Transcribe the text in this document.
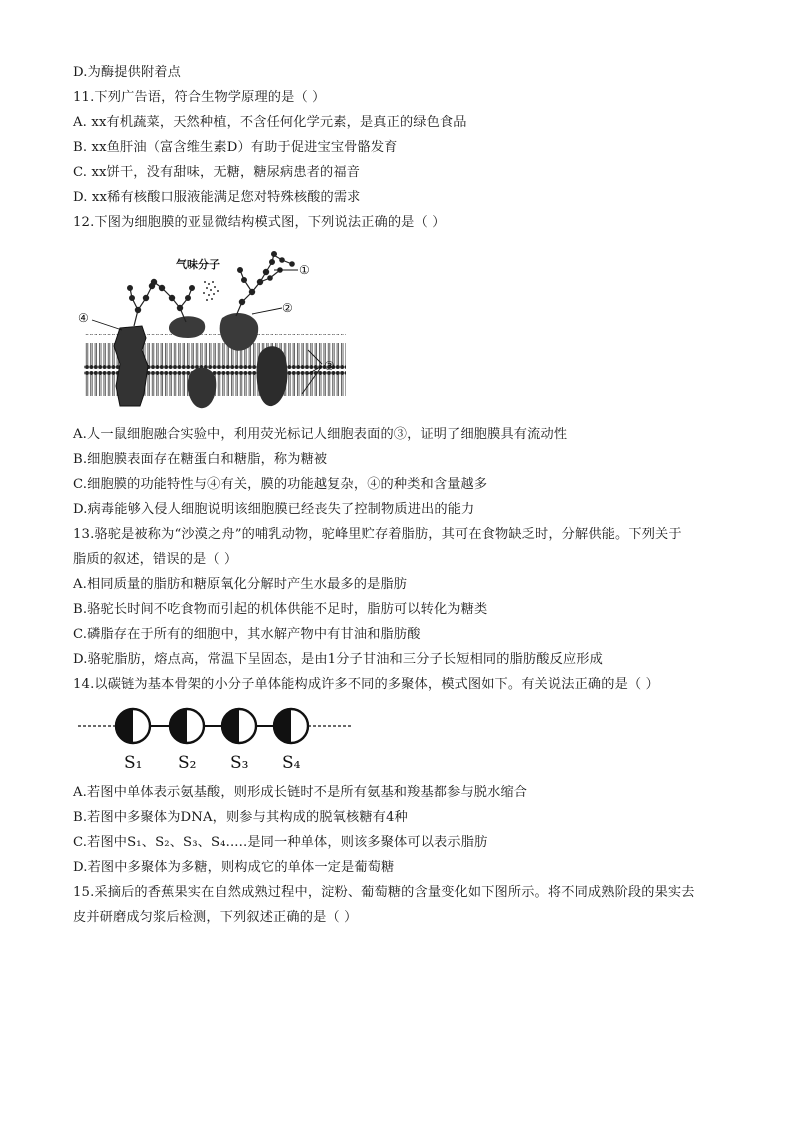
D.为酶提供附着点
11.下列广告语，符合生物学原理的是（ ）
A. xx有机蔬菜，天然种植，不含任何化学元素，是真正的绿色食品
B. xx鱼肝油（富含维生素D）有助于促进宝宝骨骼发育
C. xx饼干，没有甜味，无糖，糖尿病患者的福音
D. xx稀有核酸口服液能满足您对特殊核酸的需求
12.下图为细胞膜的亚显微结构模式图，下列说法正确的是（ ）
气味分子	①
②
③
④
A.人一鼠细胞融合实验中，利用荧光标记人细胞表面的③，证明了细胞膜具有流动性
B.细胞膜表面存在糖蛋白和糖脂，称为糖被
C.细胞膜的功能特性与④有关，膜的功能越复杂，④的种类和含量越多
D.病毒能够入侵人细胞说明该细胞膜已经丧失了控制物质进出的能力
13.骆驼是被称为“沙漠之舟”的哺乳动物，驼峰里贮存着脂肪，其可在食物缺乏时，分解供能。下列关于
脂质的叙述，错误的是（ ）
A.相同质量的脂肪和糖原氧化分解时产生水最多的是脂肪
B.骆驼长时间不吃食物而引起的机体供能不足时，脂肪可以转化为糖类
C.磷脂存在于所有的细胞中，其水解产物中有甘油和脂肪酸
D.骆驼脂肪，熔点高，常温下呈固态，是由1分子甘油和三分子长短相同的脂肪酸反应形成
14.以碳链为基本骨架的小分子单体能构成许多不同的多聚体，模式图如下。有关说法正确的是（ ）
S₁ S₂ S₃ S₄
A.若图中单体表示氨基酸，则形成长链时不是所有氨基和羧基都参与脱水缩合
B.若图中多聚体为DNA，则参与其构成的脱氧核糖有4种
C.若图中S₁、S₂、S₃、S₄.....是同一种单体，则该多聚体可以表示脂肪
D.若图中多聚体为多糖，则构成它的单体一定是葡萄糖
15.采摘后的香蕉果实在自然成熟过程中，淀粉、葡萄糖的含量变化如下图所示。将不同成熟阶段的果实去
皮并研磨成匀浆后检测，下列叙述正确的是（ ）
